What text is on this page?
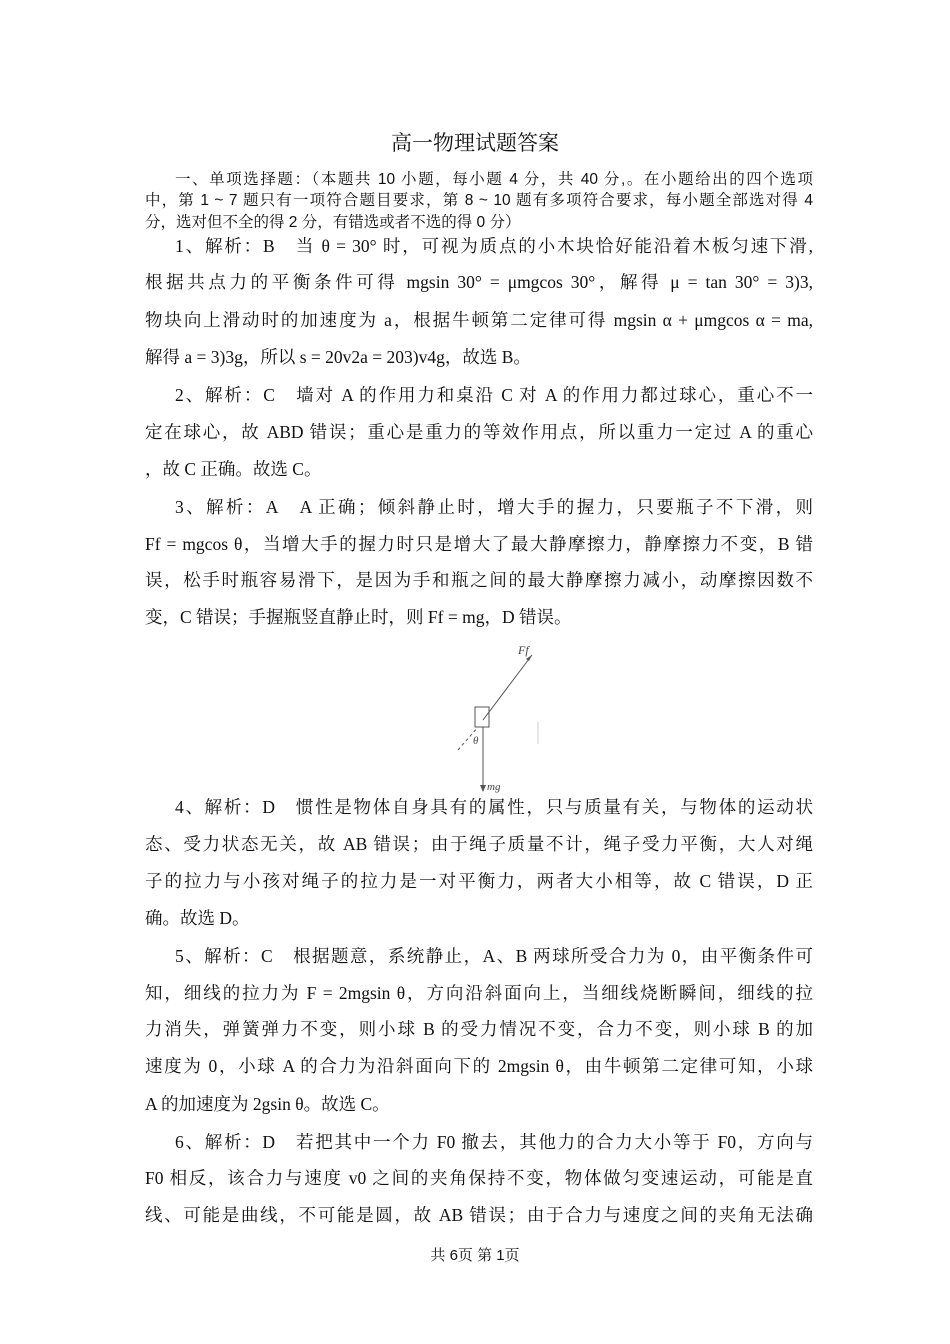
高一物理试题答案
一、单项选择题：（本题共 10 小题，每小题 4 分，共 40 分,。在小题给出的四个选项
中，第 1 ~ 7 题只有一项符合题目要求，第 8 ~ 10 题有多项符合要求，每小题全部选对得 4
分，选对但不全的得 2 分，有错选或者不选的得 0 分）
1、解析：B　当 θ = 30° 时，可视为质点的小木块恰好能沿着木板匀速下滑,
根据共点力的平衡条件可得 mgsin 30° = μmgcos 30°，解得 μ = tan 30° = 3)3,
物块向上滑动时的加速度为 a，根据牛顿第二定律可得 mgsin α + μmgcos α = ma,
解得 a = 3)3g，所以 s = 20v2a = 203)v4g，故选 B。
2、解析：C　墙对 A 的作用力和桌沿 C 对 A 的作用力都过球心，重心不一
定在球心，故 ABD 错误；重心是重力的等效作用点，所以重力一定过 A 的重心
，故 C 正确。故选 C。
3、解析：A　A 正确；倾斜静止时，增大手的握力，只要瓶子不下滑，则
Ff = mgcos θ，当增大手的握力时只是增大了最大静摩擦力，静摩擦力不变，B 错
误，松手时瓶容易滑下，是因为手和瓶之间的最大静摩擦力减小，动摩擦因数不
变，C 错误；手握瓶竖直静止时，则 Ff = mg，D 错误。
Ff
θ
mg
4、解析：D　惯性是物体自身具有的属性，只与质量有关，与物体的运动状
态、受力状态无关，故 AB 错误；由于绳子质量不计，绳子受力平衡，大人对绳
子的拉力与小孩对绳子的拉力是一对平衡力，两者大小相等，故 C 错误，D 正
确。故选 D。
5、解析：C　根据题意，系统静止，A、B 两球所受合力为 0，由平衡条件可
知，细线的拉力为 F = 2mgsin θ，方向沿斜面向上，当细线烧断瞬间，细线的拉
力消失，弹簧弹力不变，则小球 B 的受力情况不变，合力不变，则小球 B 的加
速度为 0，小球 A 的合力为沿斜面向下的 2mgsin θ，由牛顿第二定律可知，小球
A 的加速度为 2gsin θ。故选 C。
6、解析：D　若把其中一个力 F0 撤去，其他力的合力大小等于 F0，方向与
F0 相反，该合力与速度 v0 之间的夹角保持不变，物体做匀变速运动，可能是直
线、可能是曲线，不可能是圆，故 AB 错误；由于合力与速度之间的夹角无法确
共 6页 第 1页
